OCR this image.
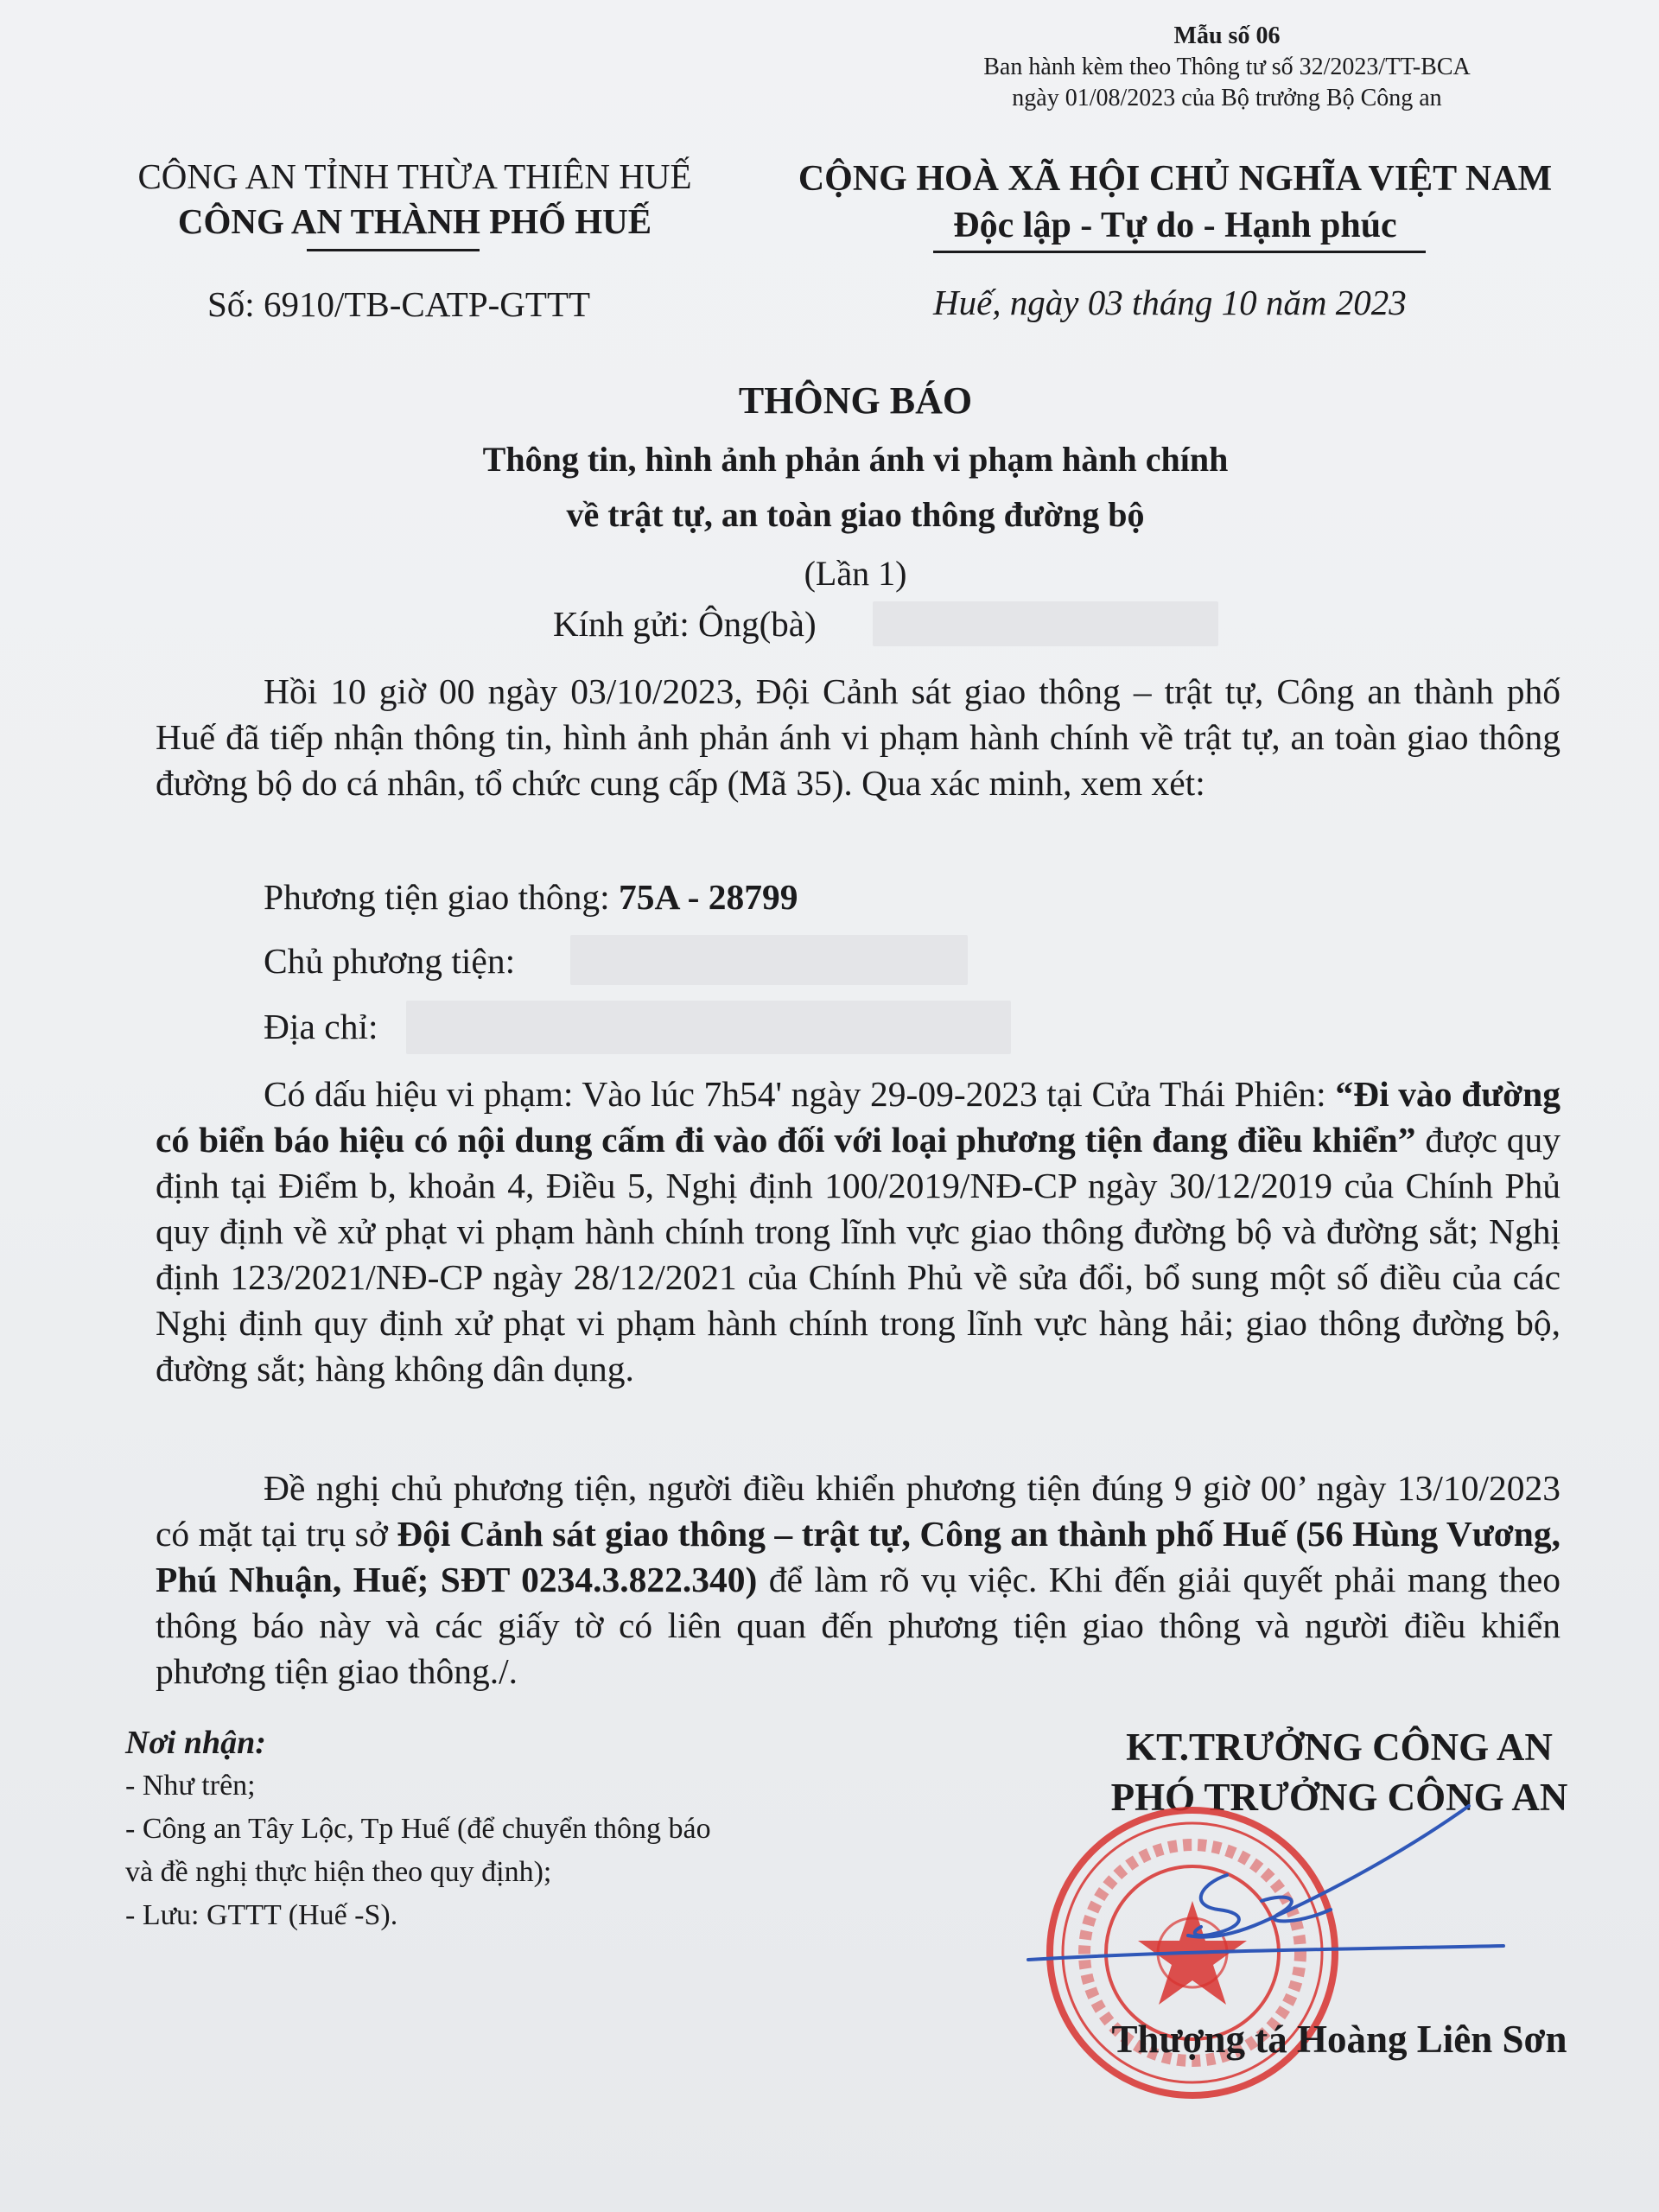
Mẫu số 06
Ban hành kèm theo Thông tư số 32/2023/TT-BCA
ngày 01/08/2023 của Bộ trưởng Bộ Công an
CÔNG AN TỈNH THỪA THIÊN HUẾ
CÔNG AN THÀNH PHỐ HUẾ
CỘNG HOÀ XÃ HỘI CHỦ NGHĨA VIỆT NAM
Độc lập - Tự do - Hạnh phúc
Số: 6910/TB-CATP-GTTT	Huế, ngày 03 tháng 10 năm 2023
THÔNG BÁO
Thông tin, hình ảnh phản ánh vi phạm hành chính
về trật tự, an toàn giao thông đường bộ
(Lần 1)
Kính gửi: Ông(bà)
Hồi 10 giờ 00 ngày 03/10/2023, Đội Cảnh sát giao thông – trật tự, Công an thành phố Huế đã tiếp nhận thông tin, hình ảnh phản ánh vi phạm hành chính về trật tự, an toàn giao thông đường bộ do cá nhân, tổ chức cung cấp (Mã 35). Qua xác minh, xem xét:
Phương tiện giao thông: 75A - 28799
Chủ phương tiện:
Địa chỉ:
Có dấu hiệu vi phạm: Vào lúc 7h54' ngày 29-09-2023 tại Cửa Thái Phiên: “Đi vào đường có biển báo hiệu có nội dung cấm đi vào đối với loại phương tiện đang điều khiển” được quy định tại Điểm b, khoản 4, Điều 5, Nghị định 100/2019/NĐ-CP ngày 30/12/2019 của Chính Phủ quy định về xử phạt vi phạm hành chính trong lĩnh vực giao thông đường bộ và đường sắt; Nghị định 123/2021/NĐ-CP ngày 28/12/2021 của Chính Phủ về sửa đổi, bổ sung một số điều của các Nghị định quy định xử phạt vi phạm hành chính trong lĩnh vực hàng hải; giao thông đường bộ, đường sắt; hàng không dân dụng.
Đề nghị chủ phương tiện, người điều khiển phương tiện đúng 9 giờ 00’ ngày 13/10/2023 có mặt tại trụ sở Đội Cảnh sát giao thông – trật tự, Công an thành phố Huế (56 Hùng Vương, Phú Nhuận, Huế; SĐT 0234.3.822.340) để làm rõ vụ việc. Khi đến giải quyết phải mang theo thông báo này và các giấy tờ có liên quan đến phương tiện giao thông và người điều khiển phương tiện giao thông./.
Nơi nhận:
- Như trên;
- Công an Tây Lộc, Tp Huế (để chuyển thông báo
và đề nghị thực hiện theo quy định);
- Lưu: GTTT (Huế -S).
KT.TRƯỞNG CÔNG AN
PHÓ TRƯỞNG CÔNG AN
Thượng tá Hoàng Liên Sơn
